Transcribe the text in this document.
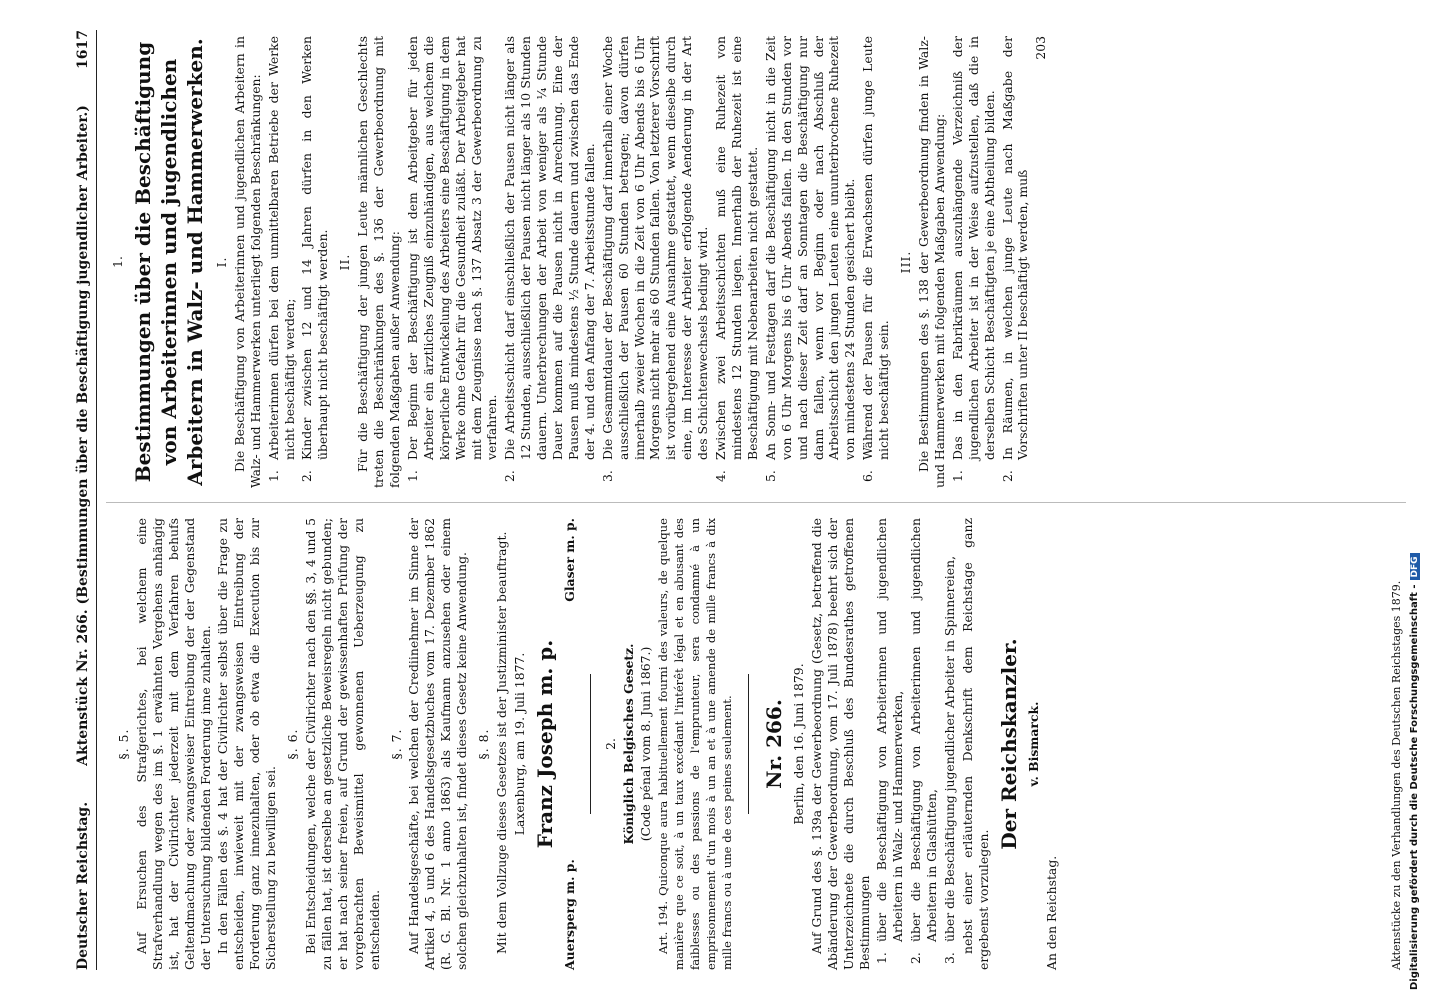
Deutscher Reichstag.
Aktenstück Nr. 266. (Bestimmungen über die Beschäftigung jugendlicher Arbeiter.)
1617

§. 5. Auf Ersuchen des Strafgerichtes, bei welchem eine Strafverhandlung wegen des im §. 1 erwähnten Vergehens anhängig ist, hat der Civilrichter jederzeit mit dem Verfahren behufs Geltendmachung oder zwangsweiser Eintreibung der der Gegenstand der Untersuchung bildenden Forderung inne zuhalten. In den Fällen des §. 4 hat der Civilrichter selbst über die Frage zu entscheiden, inwieweit mit der zwangsweisen Eintreibung der Forderung ganz innezuhalten, oder ob etwa die Execution bis zur Sicherstellung zu bewilligen sei.

§. 6. Bei Entscheidungen, welche der Civilrichter nach den §§. 3, 4 und 5 zu fällen hat, ist derselbe an gesetzliche Beweisregeln nicht gebunden; er hat nach seiner freien, auf Grund der gewissenhaften Prüfung der vorgebrachten Beweismittel gewonnenen Ueberzeugung zu entscheiden.

§. 7. Auf Handelsgeschäfte, bei welchen der Crediinehmer im Sinne der Artikel 4, 5 und 6 des Handelsgesetzbuches vom 17. Dezember 1862 (R. G. Bl. Nr. 1 anno 1863) als Kaufmann anzusehen oder einem solchen gleichzuhalten ist, findet dieses Gesetz keine Anwendung. §. 8. Mit dem Vollzuge dieses Gesetzes ist der Justizminister beauftragt. Laxenburg, am 19. Juli 1877. Franz Joseph m. p.

Auersperg m. p.
Glaser m. p.

2. Königlich Belgisches Gesetz. (Code pénal vom 8. Juni 1867.) Art. 194. Quiconque aura habituellement fourni des valeurs, de quelque manière que ce soit, à un taux excédant l'intérêt légal et en abusant des faiblesses ou des passions de l'emprunteur, sera condamné à un emprisonnement d'un mois à un an et à une amende de mille francs à dix mille francs ou à une de ces peines seulement. Nr. 266. Berlin, den 16. Juni 1879. Auf Grund des §. 139a der Gewerbeordnung (Gesetz, betreffend die Abänderung der Gewerbeordnung, vom 17. Juli 1878) beehrt sich der Unterzeichnete die durch Beschluß des Bundesrathes getroffenen Bestimmungen 1.über die Beschäftigung von Arbeiterinnen und jugendlichen Arbeitern in Walz- und Hammerwerken,
2.über die Beschäftigung von Arbeiterinnen und jugendlichen Arbeitern in Glashütten,
3.über die Beschäftigung jugendlicher Arbeiter in Spinnereien, nebst einer erläuternden Denkschrift dem Reichstage ganz ergebenst vorzulegen.

Der Reichskanzler. v. Bismarck.

An den Reichstag.

1. Bestimmungen über die Beschäftigung von Arbeiterinnen und jugendlichen Arbeitern in Walz- und Hammerwerken. I. Die Beschäftigung von Arbeiterinnen und jugendlichen Arbeitern in Walz- und Hammerwerken unterliegt folgenden Beschränkungen: 1.Arbeiterinnen dürfen bei dem unmittelbaren Betriebe der Werke nicht beschäftigt werden;
2.Kinder zwischen 12 und 14 Jahren dürfen in den Werken überhaupt nicht beschäftigt werden. II. Für die Beschäftigung der jungen Leute männlichen Geschlechts treten die Beschränkungen des §. 136 der Gewerbeordnung mit folgenden Maßgaben außer Anwendung: 1.Der Beginn der Beschäftigung ist dem Arbeitgeber für jeden Arbeiter ein ärztliches Zeugniß einzuhändigen, aus welchem die körperliche Entwickelung des Arbeiters eine Beschäftigung in dem Werke ohne Gefahr für die Gesundheit zuläßt. Der Arbeitgeber hat mit dem Zeugnisse nach §. 137 Absatz 3 der Gewerbeordnung zu verfahren.
2.Die Arbeitsschicht darf einschließlich der Pausen nicht länger als 12 Stunden, ausschließlich der Pausen nicht länger als 10 Stunden dauern. Unterbrechungen der Arbeit von weniger als ¼ Stunde Dauer kommen auf die Pausen nicht in Anrechnung. Eine der Pausen muß mindestens ½ Stunde dauern und zwischen das Ende der 4. und den Anfang der 7. Arbeitsstunde fallen.
3.Die Gesammtdauer der Beschäftigung darf innerhalb einer Woche ausschließlich der Pausen 60 Stunden betragen; davon dürfen innerhalb zweier Wochen in die Zeit von 6 Uhr Abends bis 6 Uhr Morgens nicht mehr als 60 Stunden fallen. Von letzterer Vorschrift ist vorübergehend eine Ausnahme gestattet, wenn dieselbe durch eine, im Interesse der Arbeiter erfolgende Aenderung in der Art des Schichtenwechsels bedingt wird.
4.Zwischen zwei Arbeitsschichten muß eine Ruhezeit von mindestens 12 Stunden liegen. Innerhalb der Ruhezeit ist eine Beschäftigung mit Nebenarbeiten nicht gestattet.
5.An Sonn- und Festtagen darf die Beschäftigung nicht in die Zeit von 6 Uhr Morgens bis 6 Uhr Abends fallen. In den Stunden vor und nach dieser Zeit darf an Sonntagen die Beschäftigung nur dann fallen, wenn vor Beginn oder nach Abschluß der Arbeitsschicht den jungen Leuten eine ununterbrochene Ruhezeit von mindestens 24 Stunden gesichert bleibt.
6.Während der Pausen für die Erwachsenen dürfen junge Leute nicht beschäftigt sein.

III. Die Bestimmungen des §. 138 der Gewerbeordnung finden in Walz- und Hammerwerken mit folgenden Maßgaben Anwendung: 1.Das in den Fabrikräumen auszuhängende Verzeichniß der jugendlichen Arbeiter ist in der Weise aufzustellen, daß die in derselben Schicht Beschäftigten je eine Abtheilung bilden.
2.In Räumen, in welchen junge Leute nach Maßgabe der Vorschriften unter II beschäftigt werden, muß

203

Aktenstücke zu den Verhandlungen des Deutschen Reichstages 1879. Digitalisierung gefördert durch die Deutsche Forschungsgemeinschaft -DFG
